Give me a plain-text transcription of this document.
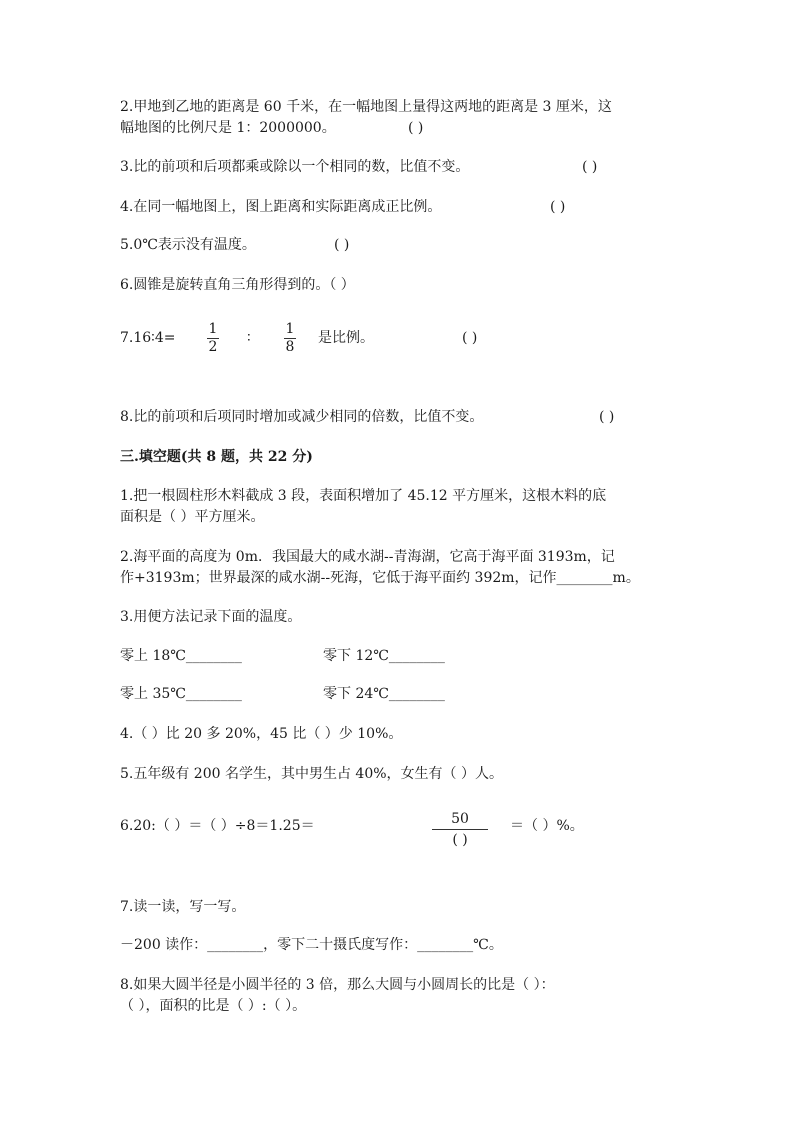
2.甲地到乙地的距离是 60 千米，在一幅地图上量得这两地的距离是 3 厘米，这
幅地图的比例尺是 1：2000000。	( )
3.比的前项和后项都乘或除以一个相同的数，比值不变。	( )
4.在同一幅地图上，图上距离和实际距离成正比例。	( )
5.0℃表示没有温度。	( )
6.圆锥是旋转直角三角形得到的。（ ）
7.16∶4=
1
2
∶
1
8
是比例。	( )
8.比的前项和后项同时增加或减少相同的倍数，比值不变。	( )
三.填空题(共 8 题，共 22 分)
1.把一根圆柱形木料截成 3 段，表面积增加了 45.12 平方厘米，这根木料的底
面积是（ ）平方厘米。
2.海平面的高度为 0m．我国最大的咸水湖--青海湖，它高于海平面 3193m，记
作+3193m；世界最深的咸水湖--死海，它低于海平面约 392m，记作________m。
3.用便方法记录下面的温度。
零上 18℃________	零下 12℃________
零上 35℃________	零下 24℃________
4.（ ）比 20 多 20%，45 比（ ）少 10%。
5.五年级有 200 名学生，其中男生占 40%，女生有（ ）人。
6.20:（ ）＝（ ）÷8＝1.25＝	50
( )
＝（ ）%。
7.读一读，写一写。
－200 读作：________，零下二十摄氏度写作：________℃。
8.如果大圆半径是小圆半径的 3 倍，那么大圆与小圆周长的比是（ ）：
（ ），面积的比是（ ）:（ ）。
